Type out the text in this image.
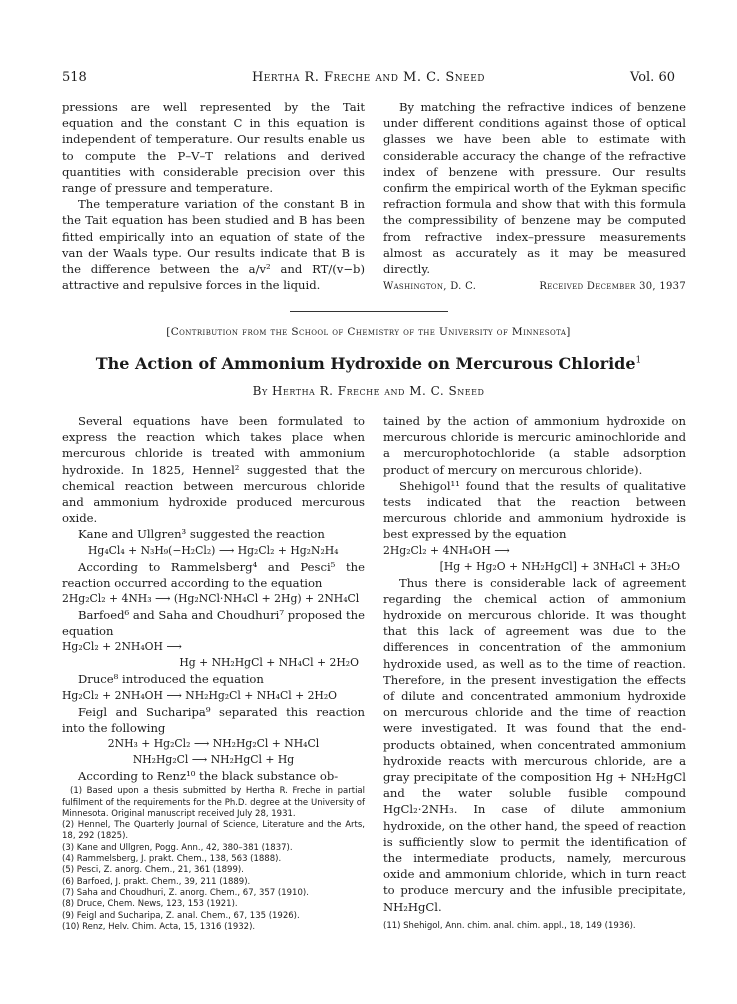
518	Hertha R. Freche and M. C. Sneed	Vol. 60

pressions are well represented by the Tait equation and the constant C in this equation is independent of temperature. Our results enable us to compute the P–V–T relations and derived quantities with considerable precision over this range of pressure and temperature.

The temperature variation of the constant B in the Tait equation has been studied and B has been fitted empirically into an equation of state of the van der Waals type. Our results indicate that B is the difference between the a/v² and RT/(v−b) attractive and repulsive forces in the liquid.

By matching the refractive indices of benzene under different conditions against those of optical glasses we have been able to estimate with considerable accuracy the change of the refractive index of benzene with pressure. Our results confirm the empirical worth of the Eykman specific refraction formula and show that with this formula the compressibility of benzene may be computed from refractive index–pressure measurements almost as accurately as it may be measured directly.

Washington, D. C.	Received December 30, 1937
[Contribution from the School of Chemistry of the University of Minnesota]
The Action of Ammonium Hydroxide on Mercurous Chloride$^1$
By Hertha R. Freche and M. C. Sneed

Several equations have been formulated to express the reaction which takes place when mercurous chloride is treated with ammonium hydroxide. In 1825, Hennel² suggested that the chemical reaction between mercurous chloride and ammonium hydroxide produced mercurous oxide.

Kane and Ullgren³ suggested the reaction

Hg₄Cl₄ + N₃H₉(−H₂Cl₂) ⟶ Hg₂Cl₂ + Hg₂N₂H₄

According to Rammelsberg⁴ and Pesci⁵ the reaction occurred according to the equation

2Hg₂Cl₂ + 4NH₃ ⟶ (Hg₂NCl·NH₄Cl + 2Hg) + 2NH₄Cl

Barfoed⁶ and Saha and Choudhuri⁷ proposed the equation

Hg₂Cl₂ + 2NH₄OH ⟶
Hg + NH₂HgCl + NH₄Cl + 2H₂O

Druce⁸ introduced the equation

Hg₂Cl₂ + 2NH₄OH ⟶ NH₂Hg₂Cl + NH₄Cl + 2H₂O

Feigl and Sucharipa⁹ separated this reaction into the following

2NH₃ + Hg₂Cl₂ ⟶ NH₂Hg₂Cl + NH₄Cl
NH₂Hg₂Cl ⟶ NH₂HgCl + Hg

According to Renz¹⁰ the black substance ob-

(1) Based upon a thesis submitted by Hertha R. Freche in partial fulfilment of the requirements for the Ph.D. degree at the University of Minnesota. Original manuscript received July 28, 1931.
(2) Hennel, The Quarterly Journal of Science, Literature and the Arts, 18, 292 (1825).
(3) Kane and Ullgren, Pogg. Ann., 42, 380–381 (1837).
(4) Rammelsberg, J. prakt. Chem., 138, 563 (1888).
(5) Pesci, Z. anorg. Chem., 21, 361 (1899).
(6) Barfoed, J. prakt. Chem., 39, 211 (1889).
(7) Saha and Choudhuri, Z. anorg. Chem., 67, 357 (1910).
(8) Druce, Chem. News, 123, 153 (1921).
(9) Feigl and Sucharipa, Z. anal. Chem., 67, 135 (1926).
(10) Renz, Helv. Chim. Acta, 15, 1316 (1932).

tained by the action of ammonium hydroxide on mercurous chloride is mercuric aminochloride and a mercurophotochloride (a stable adsorption product of mercury on mercurous chloride).

Shehigol¹¹ found that the results of qualitative tests indicated that the reaction between mercurous chloride and ammonium hydroxide is best expressed by the equation

2Hg₂Cl₂ + 4NH₄OH ⟶
[Hg + Hg₂O + NH₂HgCl] + 3NH₄Cl + 3H₂O

Thus there is considerable lack of agreement regarding the chemical action of ammonium hydroxide on mercurous chloride. It was thought that this lack of agreement was due to the differences in concentration of the ammonium hydroxide used, as well as to the time of reaction. Therefore, in the present investigation the effects of dilute and concentrated ammonium hydroxide on mercurous chloride and the time of reaction were investigated. It was found that the end-products obtained, when concentrated ammonium hydroxide reacts with mercurous chloride, are a gray precipitate of the composition Hg + NH₂HgCl and the water soluble fusible compound HgCl₂·2NH₃. In case of dilute ammonium hydroxide, on the other hand, the speed of reaction is sufficiently slow to permit the identification of the intermediate products, namely, mercurous oxide and ammonium chloride, which in turn react to produce mercury and the infusible precipitate, NH₂HgCl.

(11) Shehigol, Ann. chim. anal. chim. appl., 18, 149 (1936).
